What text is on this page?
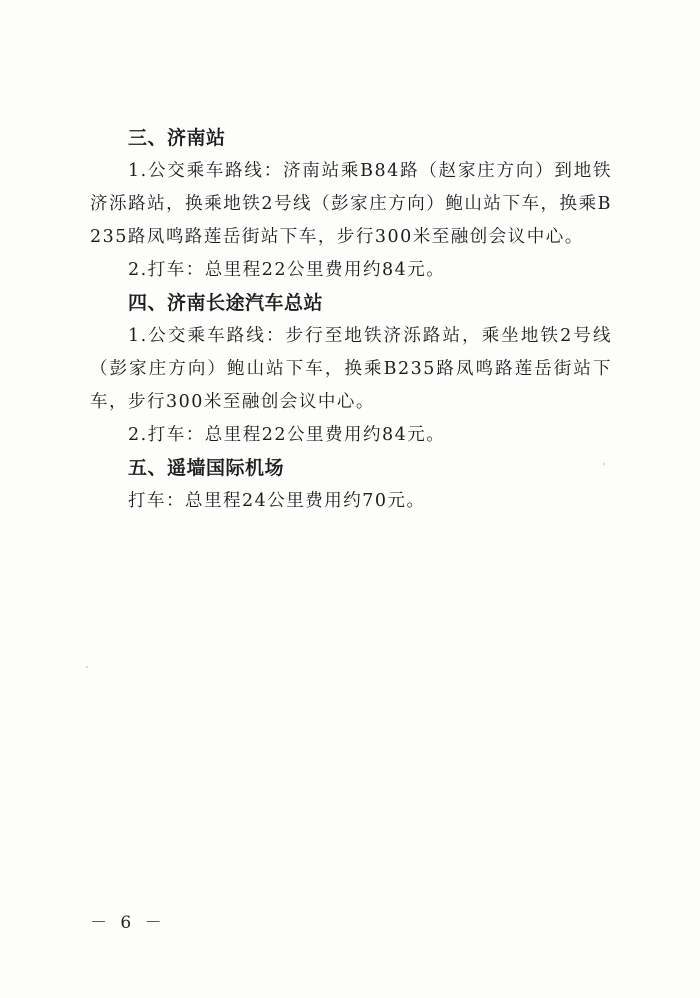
三、济南站

1.公交乘车路线：济南站乘B84路（赵家庄方向）到地铁济泺路站，换乘地铁2号线（彭家庄方向）鲍山站下车，换乘B235路凤鸣路莲岳街站下车，步行300米至融创会议中心。

2.打车：总里程22公里费用约84元。

四、济南长途汽车总站

1.公交乘车路线：步行至地铁济泺路站，乘坐地铁2号线（彭家庄方向）鲍山站下车，换乘B235路凤鸣路莲岳街站下车，步行300米至融创会议中心。

2.打车：总里程22公里费用约84元。

五、遥墙国际机场

打车：总里程24公里费用约70元。

－ 6 －
